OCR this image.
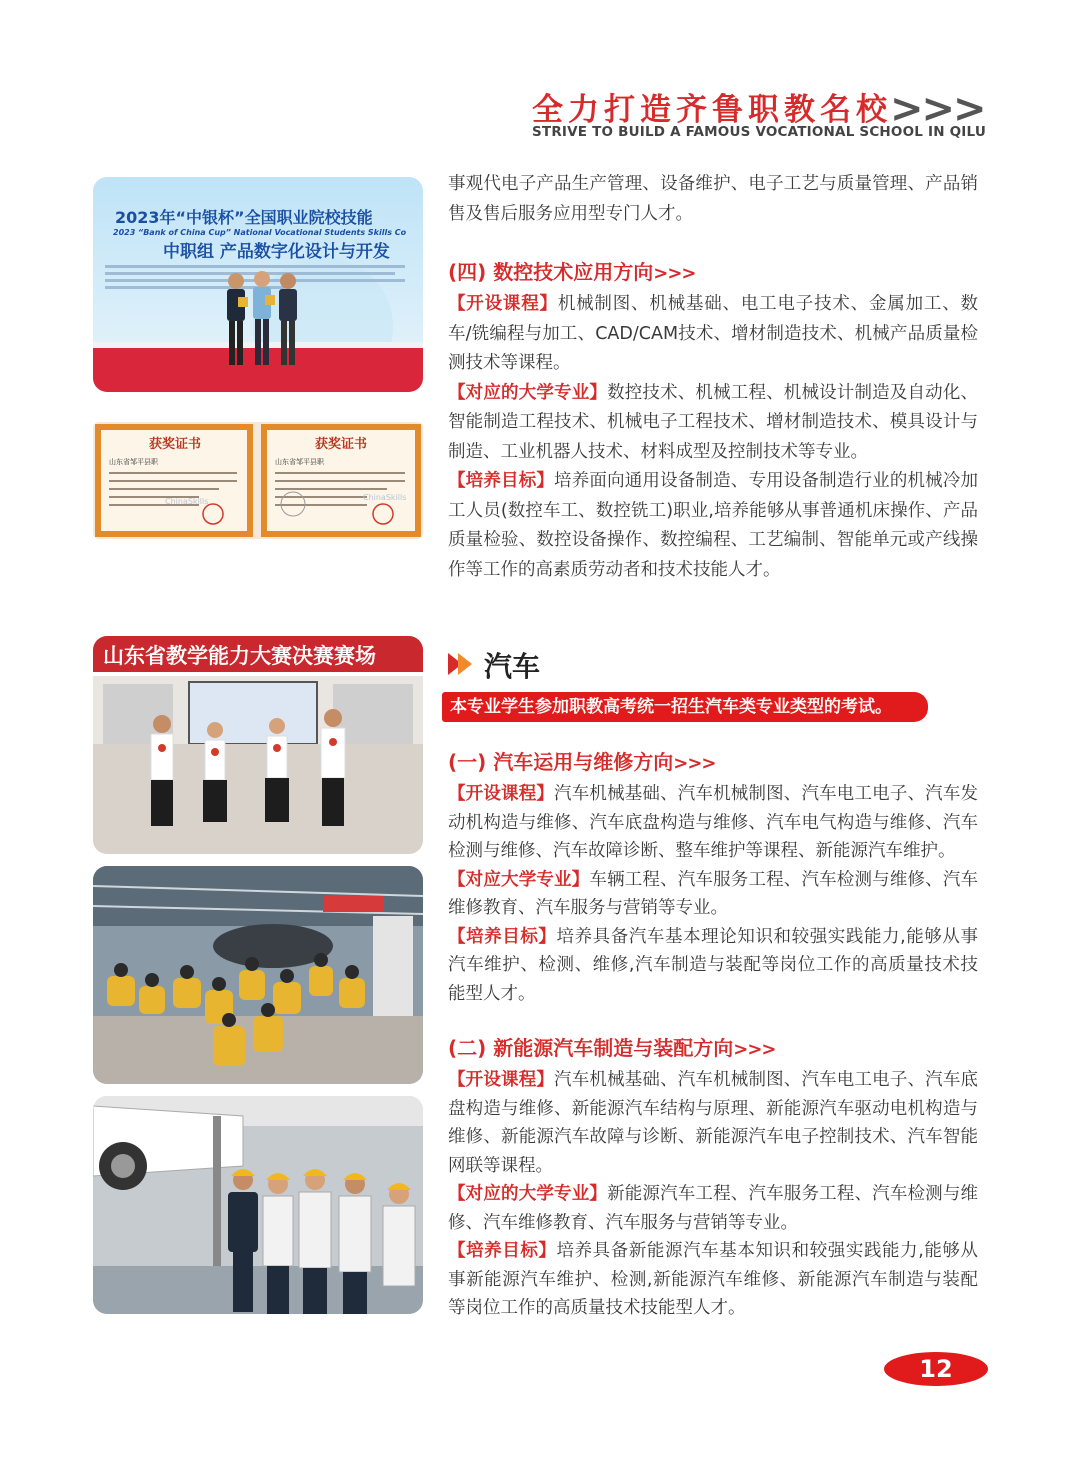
全力打造齐鲁职教名校
STRIVE TO BUILD A FAMOUS VOCATIONAL SCHOOL IN QILU
>>>
2023年“中银杯”全国职业院校技能
2023 “Bank of China Cup” National Vocational Students Skills Co
中职组 产品数字化设计与开发
获奖证书
山东省邹平县职
ChinaSkills
获奖证书
山东省邹平县职
ChinaSkills

事观代电子产品生产管理、设备维护、电子工艺与质量管理、产品销售及售后服务应用型专门人才。

(四) 数控技术应用方向>>>

【开设课程】机械制图、机械基础、电工电子技术、金属加工、数车/铣编程与加工、CAD/CAM技术、增材制造技术、机械产品质量检测技术等课程。

【对应的大学专业】数控技术、机械工程、机械设计制造及自动化、智能制造工程技术、机械电子工程技术、增材制造技术、模具设计与制造、工业机器人技术、材料成型及控制技术等专业。

【培养目标】培养面向通用设备制造、专用设备制造行业的机械冷加工人员(数控车工、数控铣工)职业,培养能够从事普通机床操作、产品质量检验、数控设备操作、数控编程、工艺编制、智能单元或产线操作等工作的高素质劳动者和技术技能人才。

山东省教学能力大赛决赛赛场	汽车
本专业学生参加职教高考统一招生汽车类专业类型的考试。

(一) 汽车运用与维修方向>>>

【开设课程】汽车机械基础、汽车机械制图、汽车电工电子、汽车发动机构造与维修、汽车底盘构造与维修、汽车电气构造与维修、汽车检测与维修、汽车故障诊断、整车维护等课程、新能源汽车维护。

【对应大学专业】车辆工程、汽车服务工程、汽车检测与维修、汽车维修教育、汽车服务与营销等专业。

【培养目标】培养具备汽车基本理论知识和较强实践能力,能够从事汽车维护、检测、维修,汽车制造与装配等岗位工作的高质量技术技能型人才。

(二) 新能源汽车制造与装配方向>>>

【开设课程】汽车机械基础、汽车机械制图、汽车电工电子、汽车底盘构造与维修、新能源汽车结构与原理、新能源汽车驱动电机构造与维修、新能源汽车故障与诊断、新能源汽车电子控制技术、汽车智能网联等课程。

【对应的大学专业】新能源汽车工程、汽车服务工程、汽车检测与维修、汽车维修教育、汽车服务与营销等专业。

【培养目标】培养具备新能源汽车基本知识和较强实践能力,能够从事新能源汽车维护、检测,新能源汽车维修、新能源汽车制造与装配等岗位工作的高质量技术技能型人才。

12
